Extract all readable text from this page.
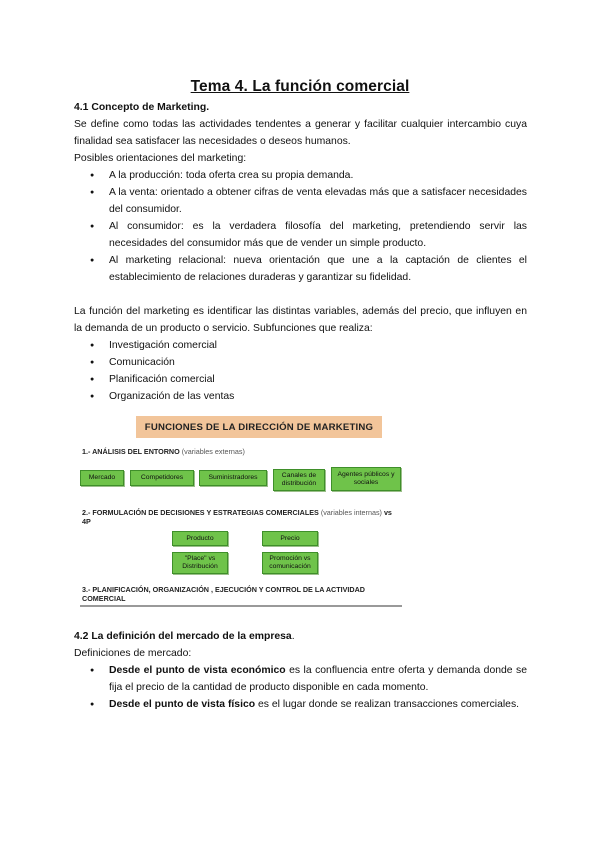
Tema 4. La función comercial
4.1 Concepto de Marketing.
Se define como todas las actividades tendentes a generar y facilitar cualquier intercambio cuya finalidad sea satisfacer las necesidades o deseos humanos.
Posibles orientaciones del marketing:
● A la producción: toda oferta crea su propia demanda.
● A la venta: orientado a obtener cifras de venta elevadas más que a satisfacer necesidades del consumidor.
● Al consumidor: es la verdadera filosofía del marketing, pretendiendo servir las necesidades del consumidor más que de vender un simple producto.
● Al marketing relacional: nueva orientación que une a la captación de clientes el establecimiento de relaciones duraderas y garantizar su fidelidad.
La función del marketing es identificar las distintas variables, además del precio, que influyen en la demanda de un producto o servicio. Subfunciones que realiza:
● Investigación comercial
● Comunicación
● Planificación comercial
● Organización de las ventas
FUNCIONES DE LA DIRECCIÓN DE MARKETING
1.- ANÁLISIS DEL ENTORNO (variables externas)
Mercado	Competidores	Suministradores	Canales de distribución
Agentes públicos y sociales
2.- FORMULACIÓN DE DECISIONES Y ESTRATEGIAS COMERCIALES (variables internas) vs 4P
Producto	Precio
"Place" vs Distribución
Promoción vs comunicación
3.- PLANIFICACIÓN, ORGANIZACIÓN , EJECUCIÓN Y CONTROL DE LA ACTIVIDAD COMERCIAL
4.2 La definición del mercado de la empresa.
Definiciones de mercado:
● Desde el punto de vista económico es la confluencia entre oferta y demanda donde se fija el precio de la cantidad de producto disponible en cada momento.
● Desde el punto de vista físico es el lugar donde se realizan transacciones comerciales.
